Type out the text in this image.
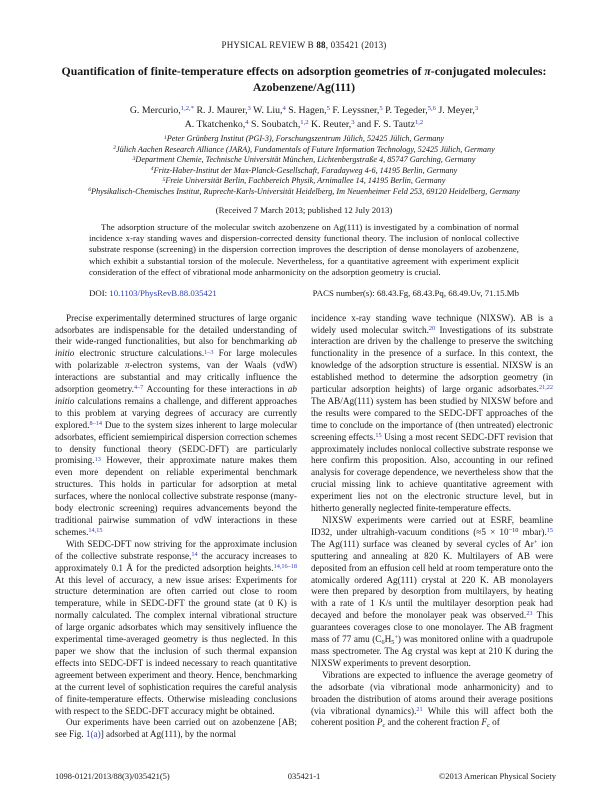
PHYSICAL REVIEW B 88, 035421 (2013)
Quantification of finite-temperature effects on adsorption geometries of π-conjugated molecules:
Azobenzene/Ag(111)
G. Mercurio,$^{1,2,*}$ R. J. Maurer,$^3$ W. Liu,$^4$ S. Hagen,$^5$ F. Leyssner,$^5$ P. Tegeder,$^{5,6}$ J. Meyer,$^3$
A. Tkatchenko,$^4$ S. Soubatch,$^{1,2}$ K. Reuter,$^3$ and F. S. Tautz$^{1,2}$
$^1$Peter Grünberg Institut (PGI-3), Forschungszentrum Jülich, 52425 Jülich, Germany
$^2$Jülich Aachen Research Alliance (JARA), Fundamentals of Future Information Technology, 52425 Jülich, Germany
$^3$Department Chemie, Technische Universität München, Lichtenbergstraße 4, 85747 Garching, Germany
$^4$Fritz-Haber-Institut der Max-Planck-Gesellschaft, Faradayweg 4-6, 14195 Berlin, Germany
$^5$Freie Universität Berlin, Fachbereich Physik, Arnimallee 14, 14195 Berlin, Germany
$^6$Physikalisch-Chemisches Institut, Ruprecht-Karls-Universität Heidelberg, Im Neuenheimer Feld 253, 69120 Heidelberg, Germany
(Received 7 March 2013; published 12 July 2013)
The adsorption structure of the molecular switch azobenzene on Ag(111) is investigated by a combination of normal incidence x-ray standing waves and dispersion-corrected density functional theory. The inclusion of nonlocal collective substrate response (screening) in the dispersion correction improves the description of dense monolayers of azobenzene, which exhibit a substantial torsion of the molecule. Nevertheless, for a quantitative agreement with experiment explicit consideration of the effect of vibrational mode anharmonicity on the adsorption geometry is crucial.
DOI: 10.1103/PhysRevB.88.035421	PACS number(s): 68.43.Fg, 68.43.Pq, 68.49.Uv, 71.15.Mb

Precise experimentally determined structures of large organic adsorbates are indispensable for the detailed understanding of their wide-ranged functionalities, but also for benchmarking ab initio electronic structure calculations.$^{1-3}$ For large molecules with polarizable π-electron systems, van der Waals (vdW) interactions are substantial and may critically influence the adsorption geometry.$^{4-7}$ Accounting for these interactions in ab initio calculations remains a challenge, and different approaches to this problem at varying degrees of accuracy are currently explored.$^{8-14}$ Due to the system sizes inherent to large molecular adsorbates, efficient semiempirical dispersion correction schemes to density functional theory (SEDC-DFT) are particularly promising.$^{13}$ However, their approximate nature makes them even more dependent on reliable experimental benchmark structures. This holds in particular for adsorption at metal surfaces, where the nonlocal collective substrate response (many-body electronic screening) requires advancements beyond the traditional pairwise summation of vdW interactions in these schemes.$^{14,15}$

With SEDC-DFT now striving for the approximate inclusion of the collective substrate response,$^{14}$ the accuracy increases to approximately 0.1 Å for the predicted adsorption heights.$^{14,16-18}$ At this level of accuracy, a new issue arises: Experiments for structure determination are often carried out close to room temperature, while in SEDC-DFT the ground state (at 0 K) is normally calculated. The complex internal vibrational structure of large organic adsorbates which may sensitively influence the experimental time-averaged geometry is thus neglected. In this paper we show that the inclusion of such thermal expansion effects into SEDC-DFT is indeed necessary to reach quantitative agreement between experiment and theory. Hence, benchmarking at the current level of sophistication requires the careful analysis of finite-temperature effects. Otherwise misleading conclusions with respect to the SEDC-DFT accuracy might be obtained.

Our experiments have been carried out on azobenzene [AB; see Fig. 1(a)] adsorbed at Ag(111), by the normal

incidence x-ray standing wave technique (NIXSW). AB is a widely used molecular switch.$^{20}$ Investigations of its substrate interaction are driven by the challenge to preserve the switching functionality in the presence of a surface. In this context, the knowledge of the adsorption structure is essential. NIXSW is an established method to determine the adsorption geometry (in particular adsorption heights) of large organic adsorbates.$^{21,22}$ The AB/Ag(111) system has been studied by NIXSW before and the results were compared to the SEDC-DFT approaches of the time to conclude on the importance of (then untreated) electronic screening effects.$^{15}$ Using a most recent SEDC-DFT revision that approximately includes nonlocal collective substrate response we here confirm this proposition. Also, accounting in our refined analysis for coverage dependence, we nevertheless show that the crucial missing link to achieve quantitative agreement with experiment lies not on the electronic structure level, but in hitherto generally neglected finite-temperature effects.

NIXSW experiments were carried out at ESRF, beamline ID32, under ultrahigh-vacuum conditions ($\approx 5 \times 10^{-10}$ mbar).$^{15}$ The Ag(111) surface was cleaned by several cycles of Ar+ ion sputtering and annealing at 820 K. Multilayers of AB were deposited from an effusion cell held at room temperature onto the atomically ordered Ag(111) crystal at 220 K. AB monolayers were then prepared by desorption from multilayers, by heating with a rate of 1 K/s until the multilayer desorption peak had decayed and before the monolayer peak was observed.$^{23}$ This guarantees coverages close to one monolayer. The AB fragment mass of 77 amu $(C_6H_5^+)$ was monitored online with a quadrupole mass spectrometer. The Ag crystal was kept at 210 K during the NIXSW experiments to prevent desorption.

Vibrations are expected to influence the average geometry of the adsorbate (via vibrational mode anharmonicity) and to broaden the distribution of atoms around their average positions (via vibrational dynamics).$^{21}$ While this will affect both the coherent position $P_c$ and the coherent fraction $F_c$ of

1098-0121/2013/88(3)/035421(5)	035421-1	©2013 American Physical Society
